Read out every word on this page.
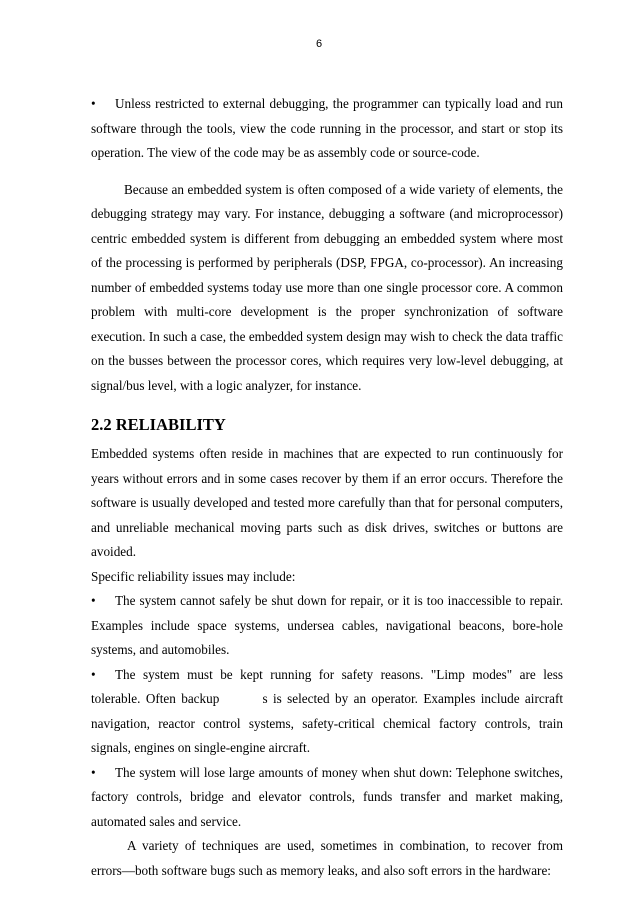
6

• Unless restricted to external debugging, the programmer can typically load and run software through the tools, view the code running in the processor, and start or stop its operation. The view of the code may be as assembly code or source-code.

Because an embedded system is often composed of a wide variety of elements, the debugging strategy may vary. For instance, debugging a software (and microprocessor) centric embedded system is different from debugging an embedded system where most of the processing is performed by peripherals (DSP, FPGA, co-processor). An increasing number of embedded systems today use more than one single processor core. A common problem with multi-core development is the proper synchronization of software execution. In such a case, the embedded system design may wish to check the data traffic on the busses between the processor cores, which requires very low-level debugging, at signal/bus level, with a logic analyzer, for instance.

2.2 RELIABILITY

Embedded systems often reside in machines that are expected to run continuously for years without errors and in some cases recover by them if an error occurs. Therefore the software is usually developed and tested more carefully than that for personal computers, and unreliable mechanical moving parts such as disk drives, switches or buttons are avoided.

Specific reliability issues may include:

• The system cannot safely be shut down for repair, or it is too inaccessible to repair. Examples include space systems, undersea cables, navigational beacons, bore-hole systems, and automobiles.

• The system must be kept running for safety reasons. "Limp modes" are less tolerable. Often backup        s is selected by an operator. Examples include aircraft navigation, reactor control systems, safety-critical chemical factory controls, train signals, engines on single-engine aircraft.

• The system will lose large amounts of money when shut down: Telephone switches, factory controls, bridge and elevator controls, funds transfer and market making, automated sales and service.

A variety of techniques are used, sometimes in combination, to recover from errors—both software bugs such as memory leaks, and also soft errors in the hardware:
